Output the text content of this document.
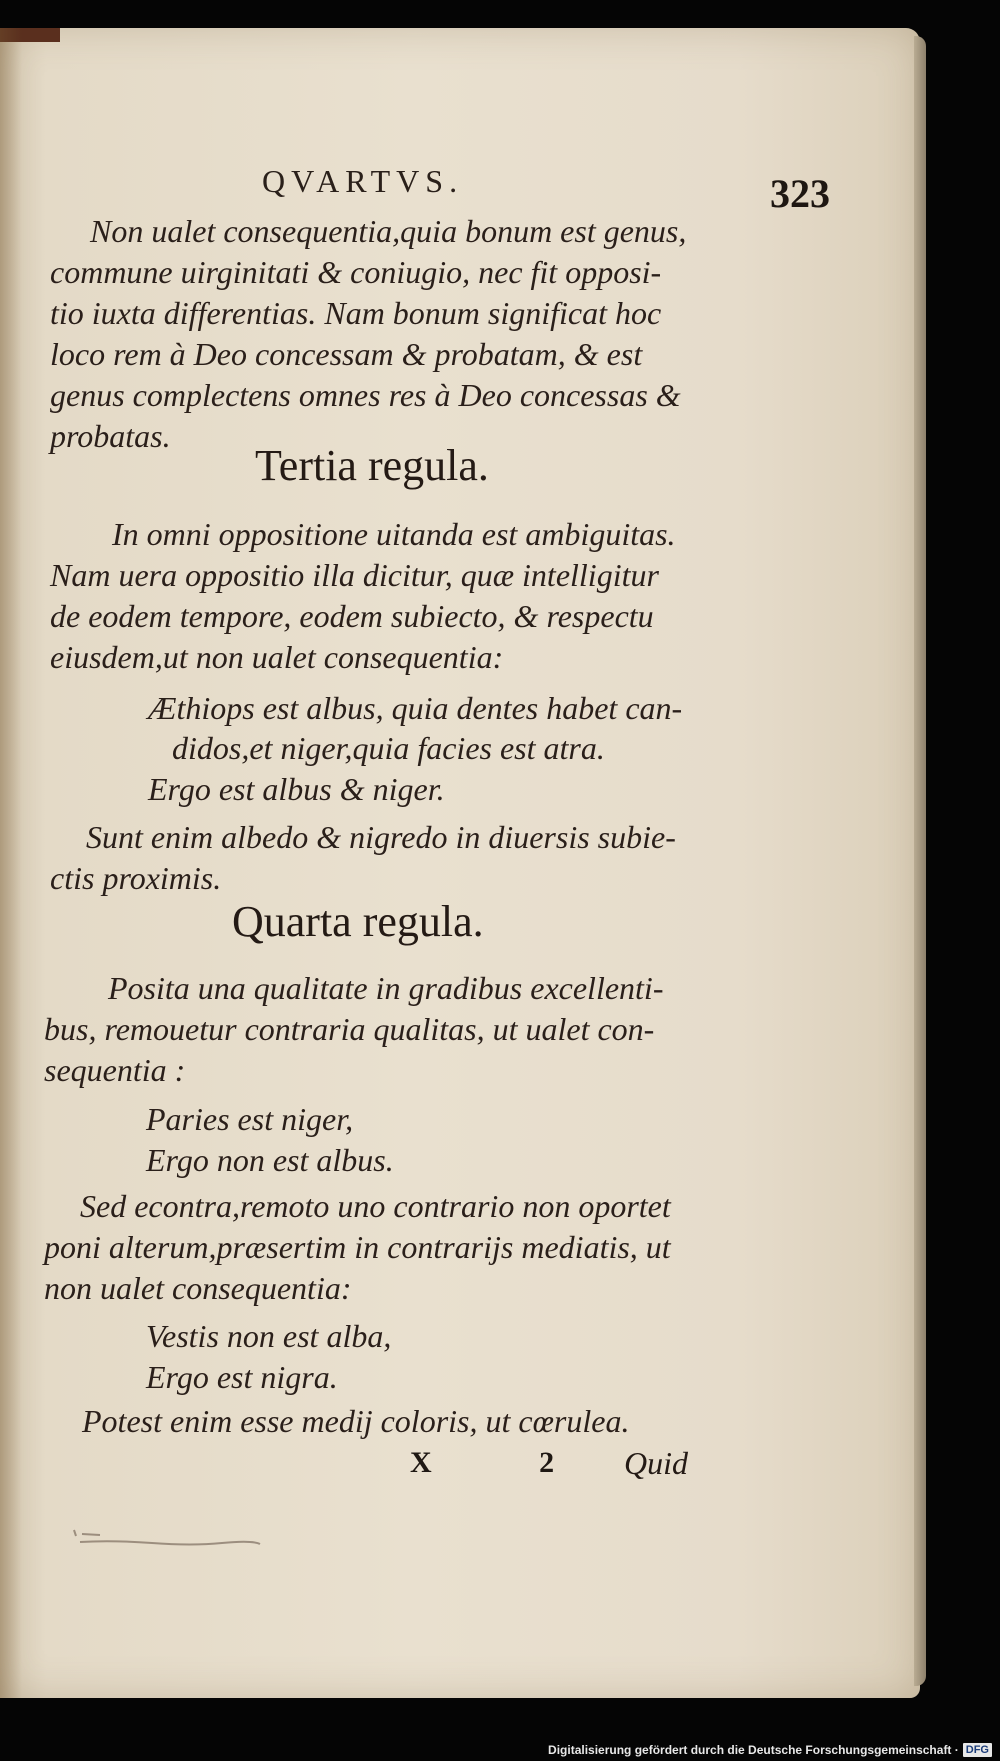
QVARTVS.	323
Non ualet consequentia,quia bonum est genus,
commune uirginitati & coniugio, nec fit opposi-
tio iuxta differentias. Nam bonum significat hoc
loco rem à Deo concessam & probatam, & est
genus complectens omnes res à Deo concessas &
probatas.
Tertia regula.
In omni oppositione uitanda est ambiguitas.
Nam uera oppositio illa dicitur, quæ intelligitur
de eodem tempore, eodem subiecto, & respectu
eiusdem,ut non ualet consequentia:
Æthiops est albus, quia dentes habet can-
didos,et niger,quia facies est atra.
Ergo est albus & niger.
Sunt enim albedo & nigredo in diuersis subie-
ctis proximis.
Quarta regula.
Posita una qualitate in gradibus excellenti-
bus, remouetur contraria qualitas, ut ualet con-
sequentia :
Paries est niger,
Ergo non est albus.
Sed econtra,remoto uno contrario non oportet
poni alterum,præsertim in contrarijs mediatis, ut
non ualet consequentia:
Vestis non est alba,
Ergo est nigra.
Potest enim esse medij coloris, ut cœrulea.
X 2 Quid
Digitalisierung gefördert durch die Deutsche Forschungsgemeinschaft · DFG
